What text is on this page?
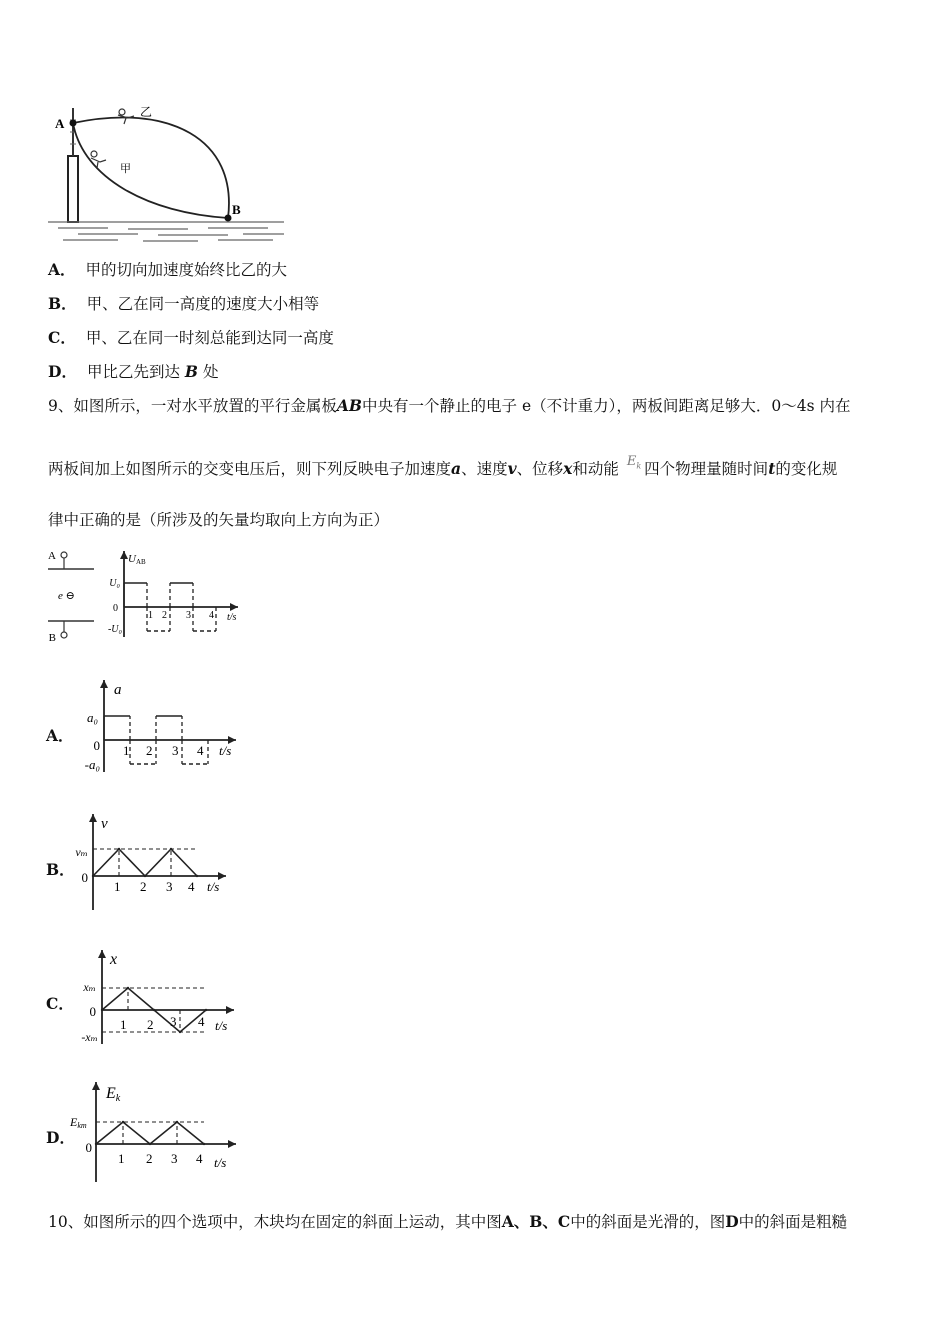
A
B
乙
甲
A． 甲的切向加速度始终比乙的大
B． 甲、乙在同一高度的速度大小相等
C． 甲、乙在同一时刻总能到达同一高度
D． 甲比乙先到达 B 处
9、如图所示，一对水平放置的平行金属板AB中央有一个静止的电子 e（不计重力），两板间距离足够大．0～4s 内在
两板间加上如图所示的交变电压后，则下列反映电子加速度a、速度v、位移x和动能 $^{E_k}$ 四个物理量随时间t的变化规
律中正确的是（所涉及的矢量均取向上方向为正）
A
B
e ⊖
UAB
U₀
-U₀
0
1 2 3 4 t/s
A．
a
a₀
-a₀
0 1 2 3 4 t/s
B．
v
vₘ
0
1 2 3 4 t/s
C．
x
xₘ
-xₘ
0
1 2 3 4 t/s
D．
Ek
Ekm
0
1 2 3 4 t/s
10、如图所示的四个选项中，木块均在固定的斜面上运动，其中图A、B、C中的斜面是光滑的，图D中的斜面是粗糙
